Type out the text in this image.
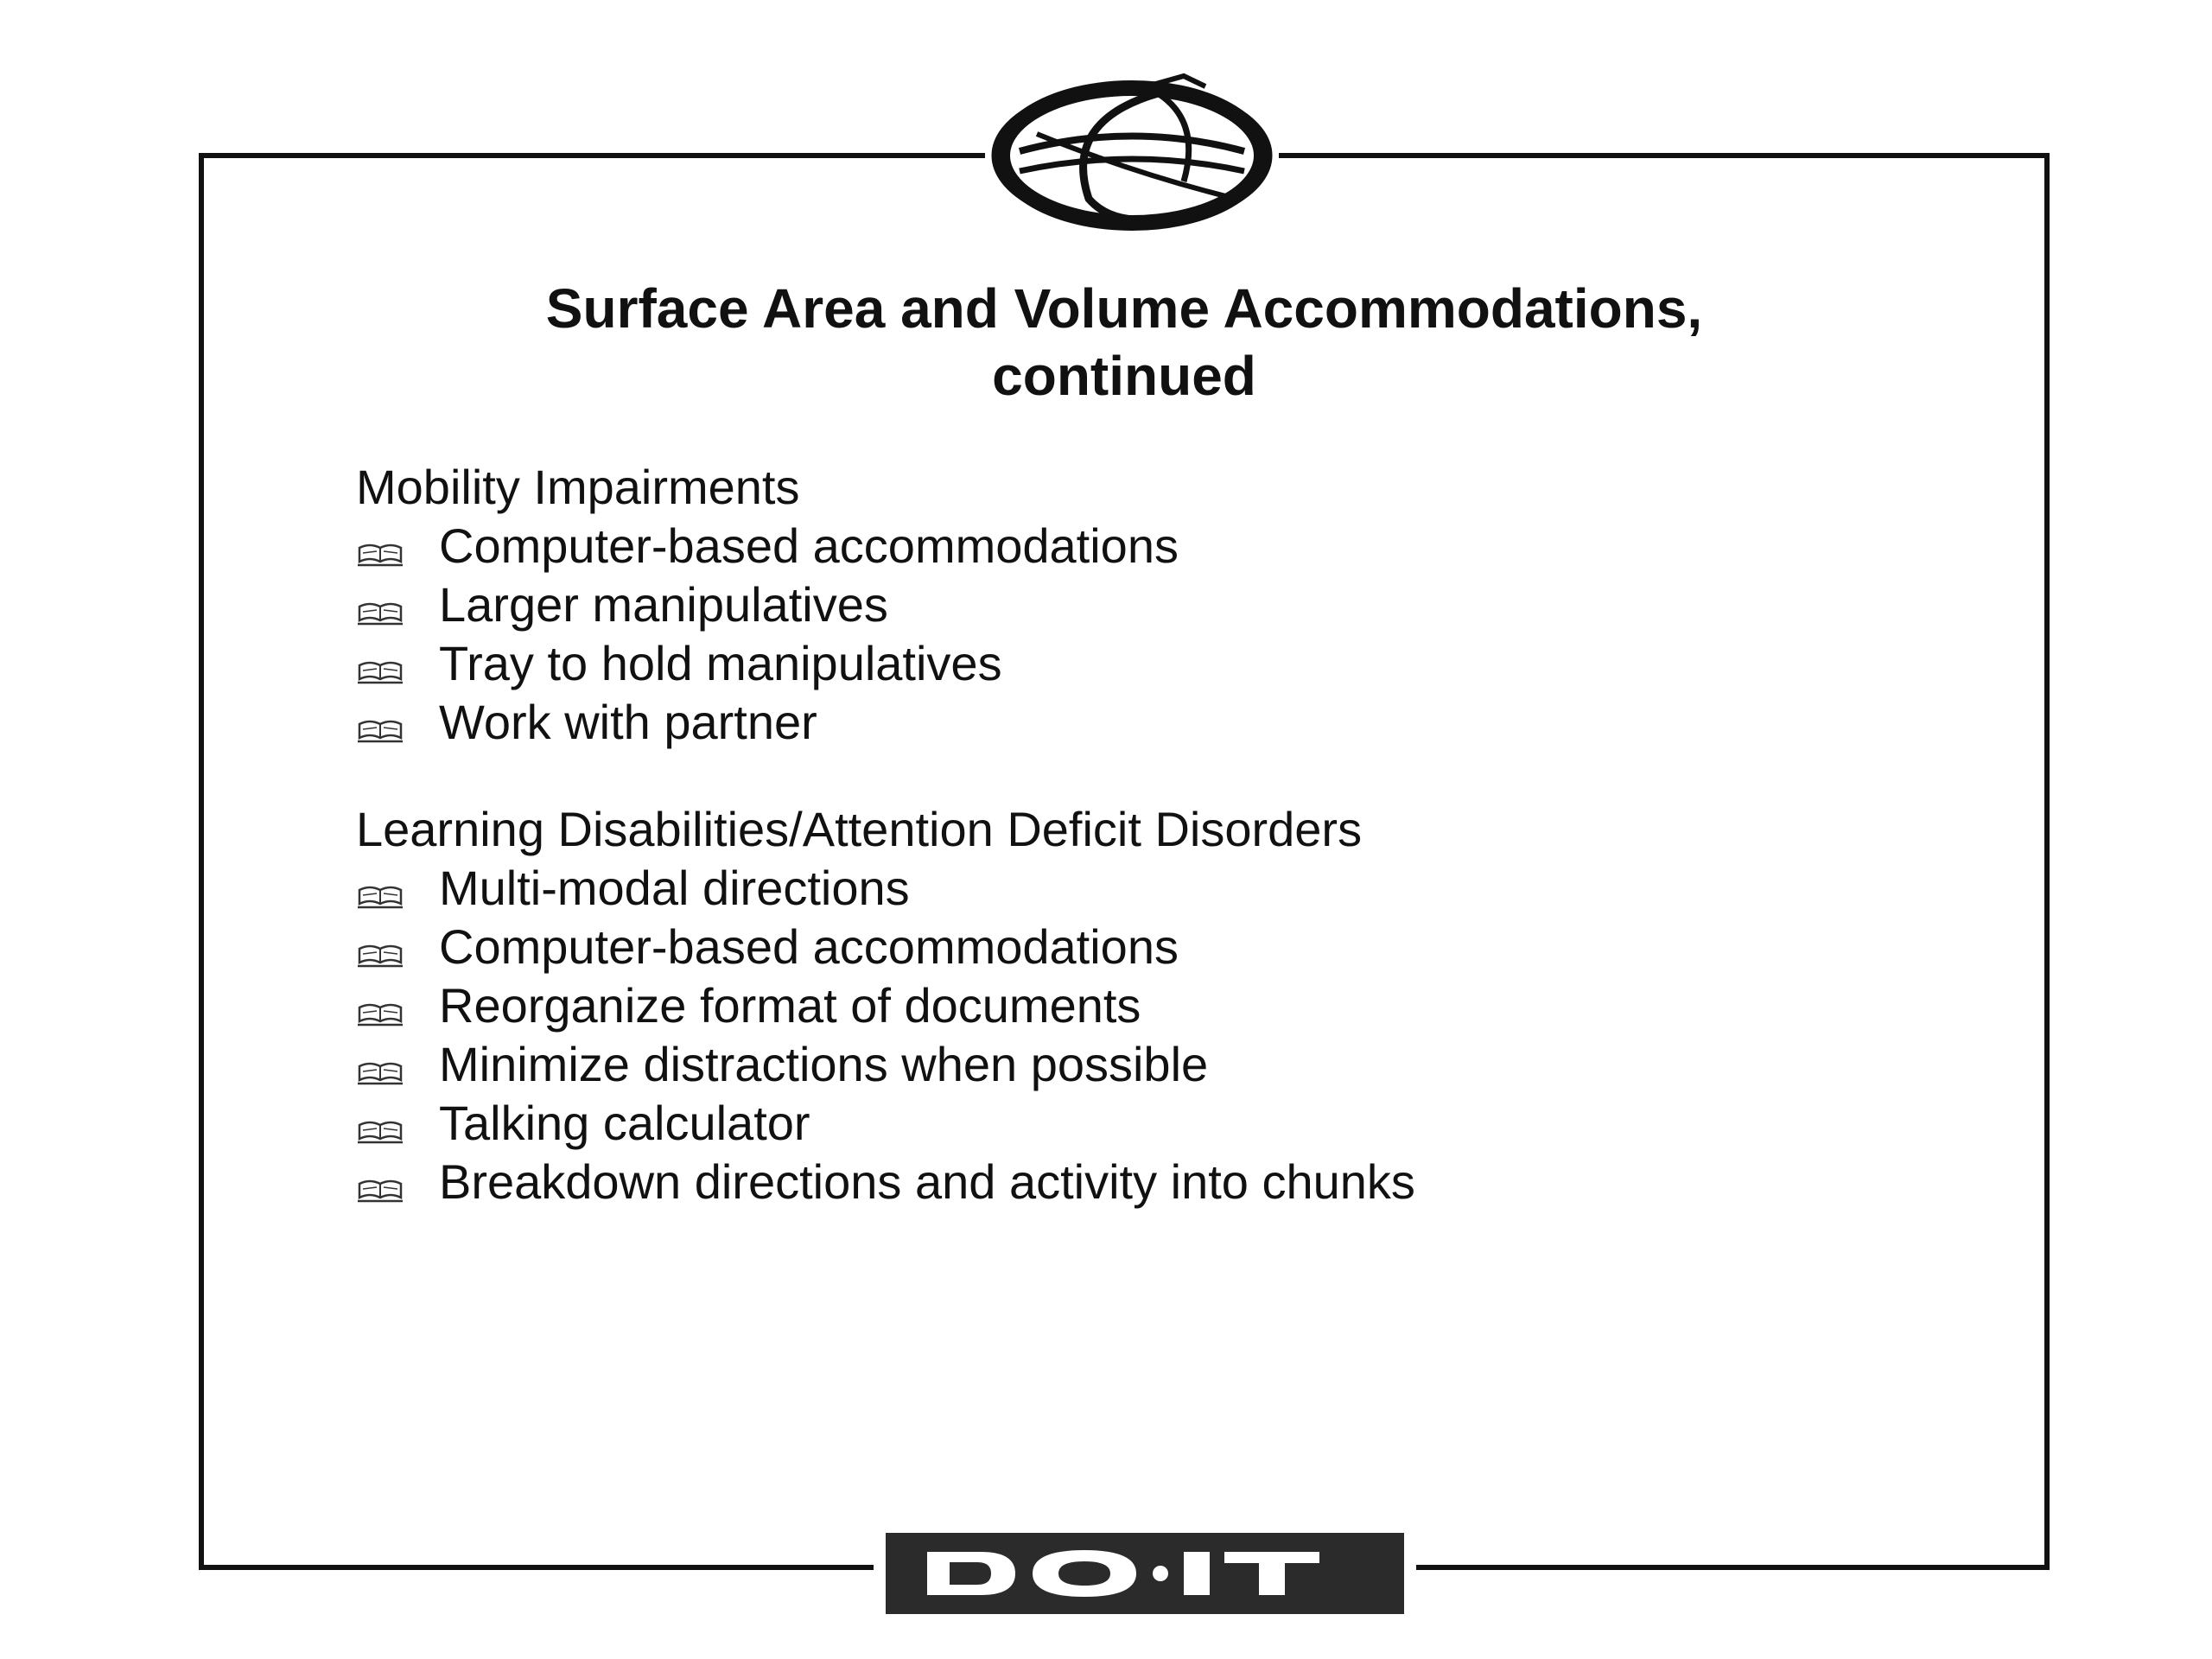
Surface Area and Volume Accommodations,
continued

Mobility Impairments

Computer-based accommodations
Larger manipulatives
Tray to hold manipulatives
Work with partner

Learning Disabilities/Attention Deficit Disorders

Multi-modal directions
Computer-based accommodations
Reorganize format of documents
Minimize distractions when possible
Talking calculator
Breakdown directions and activity into chunks
